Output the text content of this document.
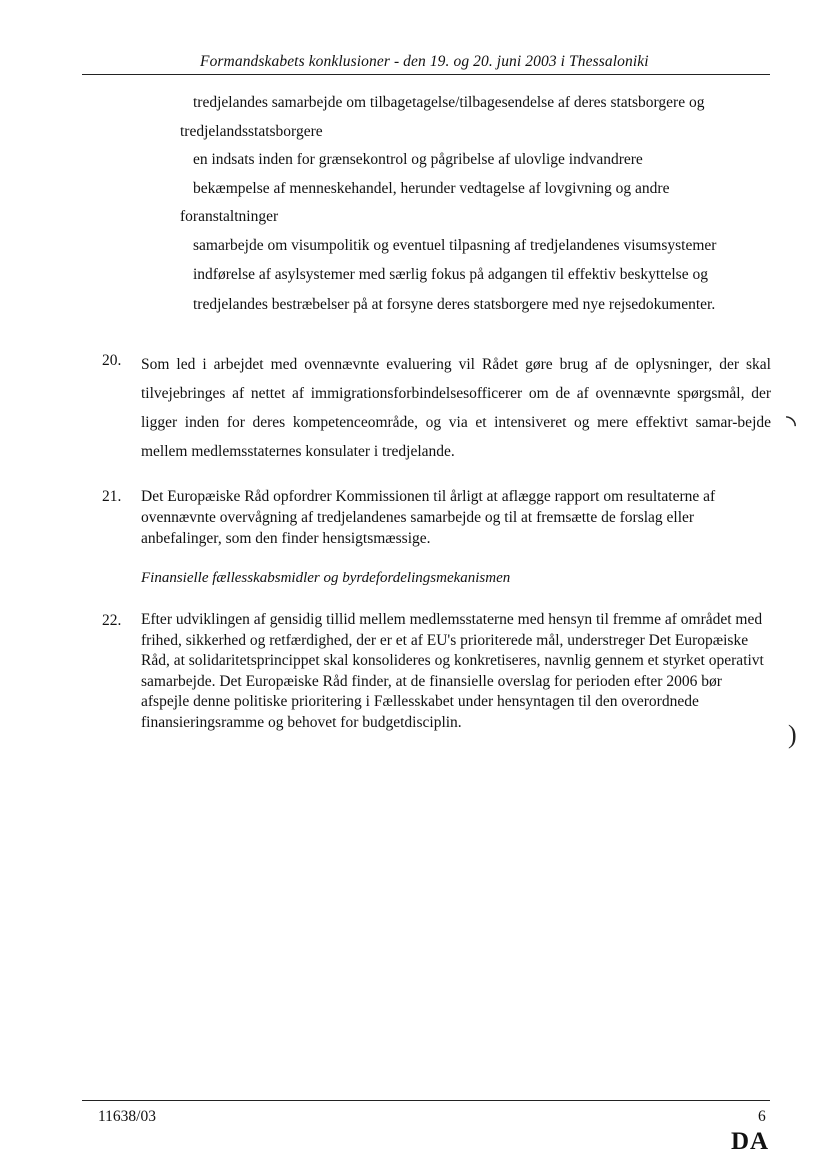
Formandskabets konklusioner - den 19. og 20. juni 2003 i Thessaloniki
tredjelandes samarbejde om tilbagetagelse/tilbagesendelse af deres statsborgere og
tredjelandsstatsborgere
en indsats inden for grænsekontrol og pågribelse af ulovlige indvandrere
bekæmpelse af menneskehandel, herunder vedtagelse af lovgivning og andre
foranstaltninger
samarbejde om visumpolitik og eventuel tilpasning af tredjelandenes visumsystemer
indførelse af asylsystemer med særlig fokus på adgangen til effektiv beskyttelse og
tredjelandes bestræbelser på at forsyne deres statsborgere med nye rejsedokumenter.
20. Som led i arbejdet med ovennævnte evaluering vil Rådet gøre brug af de oplysninger, der skal tilvejebringes af nettet af immigrationsforbindelsesofficerer om de af ovennævnte spørgsmål, der ligger inden for deres kompetenceområde, og via et intensiveret og mere effektivt samar-bejde mellem medlemsstaternes konsulater i tredjelande.
21. Det Europæiske Råd opfordrer Kommissionen til årligt at aflægge rapport om resultaterne af ovennævnte overvågning af tredjelandenes samarbejde og til at fremsætte de forslag eller anbefalinger, som den finder hensigtsmæssige.
Finansielle fællesskabsmidler og byrdefordelingsmekanismen
22. Efter udviklingen af gensidig tillid mellem medlemsstaterne med hensyn til fremme af området med frihed, sikkerhed og retfærdighed, der er et af EU's prioriterede mål, understreger Det Europæiske Råd, at solidaritetsprincippet skal konsolideres og konkretiseres, navnlig gennem et styrket operativt samarbejde. Det Europæiske Råd finder, at de finansielle overslag for perioden efter 2006 bør afspejle denne politiske prioritering i Fællesskabet under hensyntagen til den overordnede finansieringsramme og behovet for budgetdisciplin.
◝
)
11638/03	6
DA
